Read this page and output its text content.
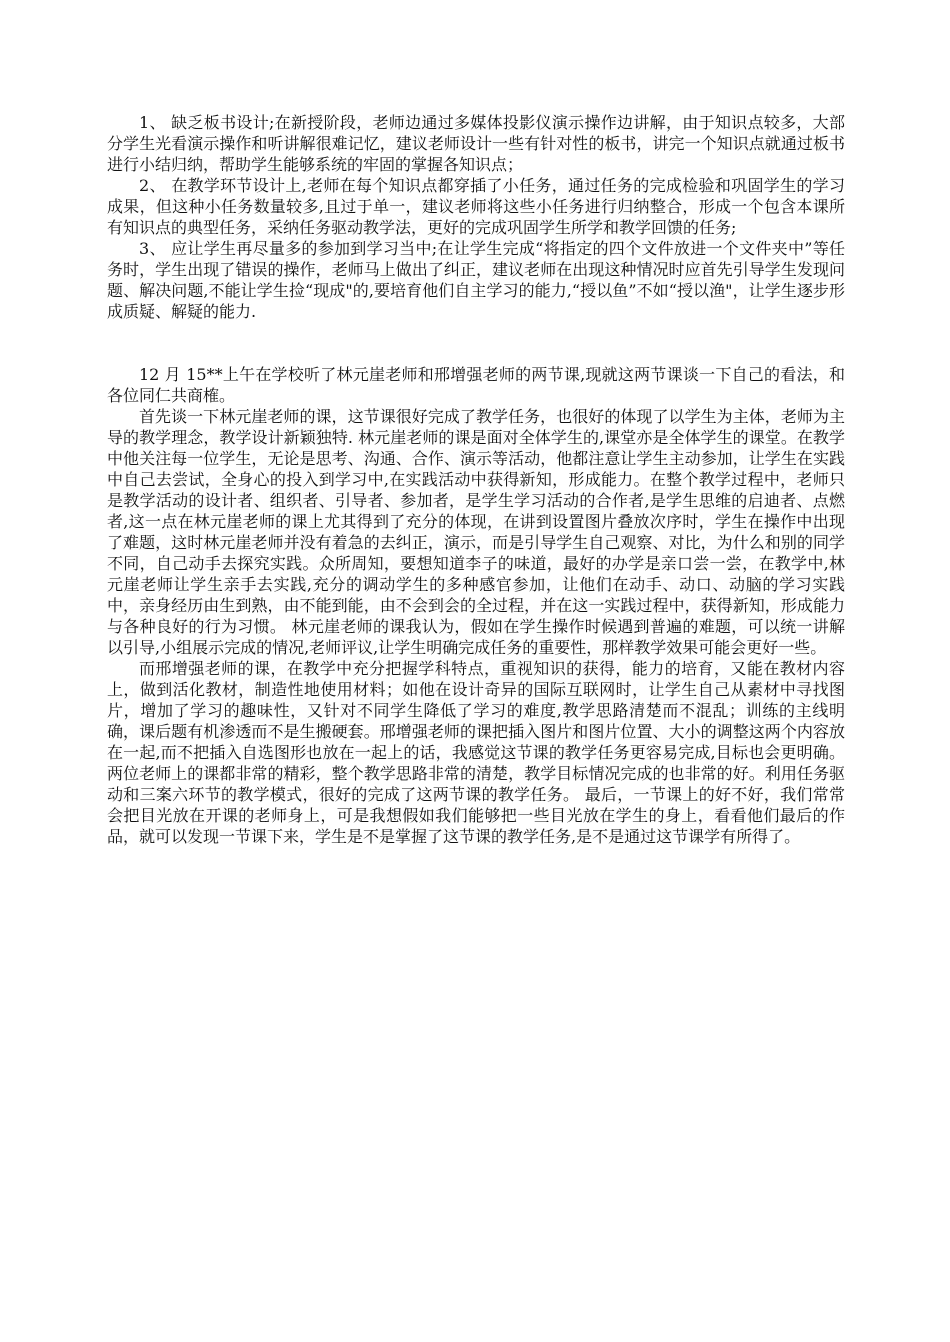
1、 缺乏板书设计;在新授阶段，老师边通过多媒体投影仪演示操作边讲解，由于知识点较多，大部分学生光看演示操作和听讲解很难记忆，建议老师设计一些有针对性的板书，讲完一个知识点就通过板书进行小结归纳，帮助学生能够系统的牢固的掌握各知识点；

2、 在教学环节设计上,老师在每个知识点都穿插了小任务，通过任务的完成检验和巩固学生的学习成果，但这种小任务数量较多,且过于单一，建议老师将这些小任务进行归纳整合，形成一个包含本课所有知识点的典型任务，采纳任务驱动教学法，更好的完成巩固学生所学和教学回馈的任务;

3、 应让学生再尽量多的参加到学习当中;在让学生完成“将指定的四个文件放进一个文件夹中”等任务时，学生出现了错误的操作，老师马上做出了纠正，建议老师在出现这种情况时应首先引导学生发现问题、解决问题,不能让学生捡“现成"的,要培育他们自主学习的能力,“授以鱼”不如“授以渔"，让学生逐步形成质疑、解疑的能力.

12 月 15**上午在学校听了林元崖老师和邢增强老师的两节课,现就这两节课谈一下自己的看法，和各位同仁共商榷。

首先谈一下林元崖老师的课，这节课很好完成了教学任务，也很好的体现了以学生为主体，老师为主导的教学理念，教学设计新颖独特. 林元崖老师的课是面对全体学生的,课堂亦是全体学生的课堂。在教学中他关注每一位学生，无论是思考、沟通、合作、演示等活动，他都注意让学生主动参加，让学生在实践中自己去尝试，全身心的投入到学习中,在实践活动中获得新知，形成能力。在整个教学过程中，老师只是教学活动的设计者、组织者、引导者、参加者，是学生学习活动的合作者,是学生思维的启迪者、点燃者,这一点在林元崖老师的课上尤其得到了充分的体现，在讲到设置图片叠放次序时，学生在操作中出现了难题，这时林元崖老师并没有着急的去纠正，演示，而是引导学生自己观察、对比，为什么和别的同学不同，自己动手去探究实践。众所周知，要想知道李子的味道，最好的办学是亲口尝一尝，在教学中,林元崖老师让学生亲手去实践,充分的调动学生的多种感官参加，让他们在动手、动口、动脑的学习实践中，亲身经历由生到熟，由不能到能，由不会到会的全过程，并在这一实践过程中，获得新知，形成能力与各种良好的行为习惯。 林元崖老师的课我认为，假如在学生操作时候遇到普遍的难题，可以统一讲解以引导,小组展示完成的情况,老师评议,让学生明确完成任务的重要性，那样教学效果可能会更好一些。

而邢增强老师的课，在教学中充分把握学科特点，重视知识的获得，能力的培育，又能在教材内容上，做到活化教材，制造性地使用材料；如他在设计奇异的国际互联网时，让学生自己从素材中寻找图片，增加了学习的趣味性，又针对不同学生降低了学习的难度,教学思路清楚而不混乱；训练的主线明确，课后题有机渗透而不是生搬硬套。邢增强老师的课把插入图片和图片位置、大小的调整这两个内容放在一起,而不把插入自选图形也放在一起上的话，我感觉这节课的教学任务更容易完成,目标也会更明确。两位老师上的课都非常的精彩，整个教学思路非常的清楚，教学目标情况完成的也非常的好。利用任务驱动和三案六环节的教学模式，很好的完成了这两节课的教学任务。 最后，一节课上的好不好，我们常常会把目光放在开课的老师身上，可是我想假如我们能够把一些目光放在学生的身上，看看他们最后的作品，就可以发现一节课下来，学生是不是掌握了这节课的教学任务,是不是通过这节课学有所得了。
